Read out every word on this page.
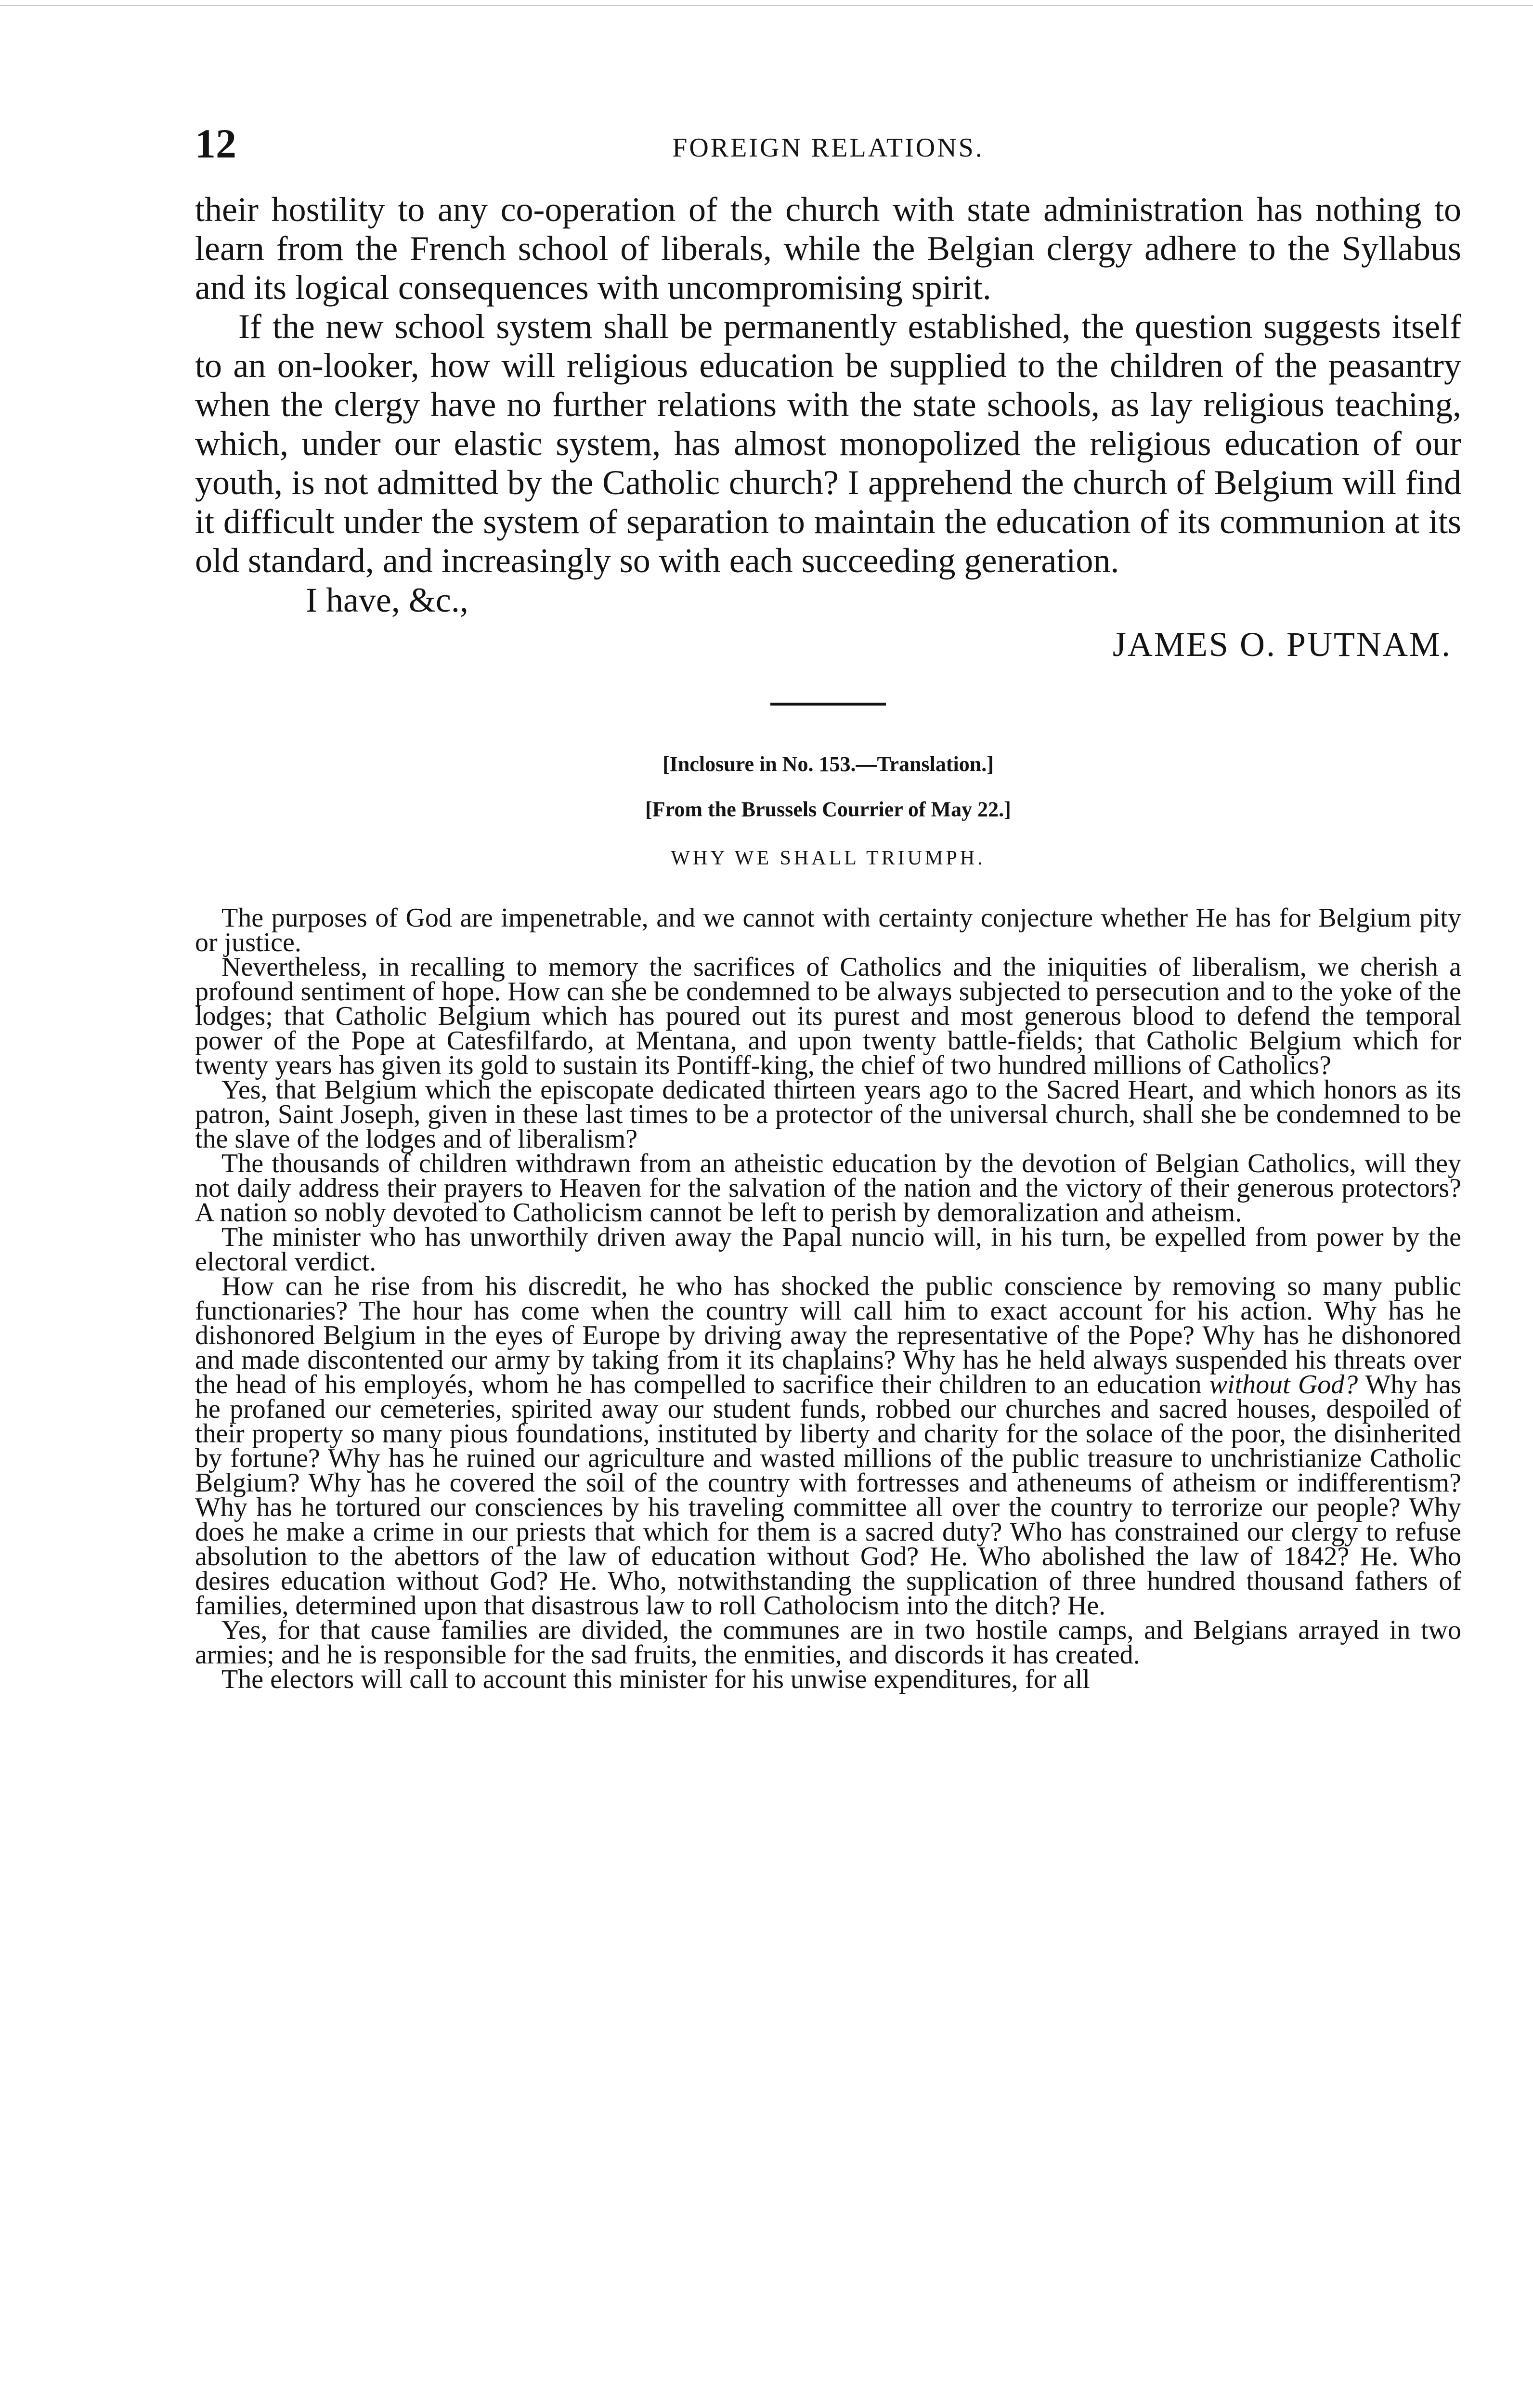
12	FOREIGN RELATIONS.

their hostility to any co-operation of the church with state administration has nothing to learn from the French school of liberals, while the Belgian clergy adhere to the Syllabus and its logical consequences with uncompromising spirit.

If the new school system shall be permanently established, the question suggests itself to an on-looker, how will religious education be supplied to the children of the peasantry when the clergy have no further relations with the state schools, as lay religious teaching, which, under our elastic system, has almost monopolized the religious education of our youth, is not admitted by the Catholic church? I apprehend the church of Belgium will find it difficult under the system of separation to maintain the education of its communion at its old standard, and increasingly so with each succeeding generation.

I have, &c.,
JAMES O. PUTNAM.
[Inclosure in No. 153.—Translation.]
[From the Brussels Courrier of May 22.]
WHY WE SHALL TRIUMPH.

The purposes of God are impenetrable, and we cannot with certainty conjecture whether He has for Belgium pity or justice.

Nevertheless, in recalling to memory the sacrifices of Catholics and the iniquities of liberalism, we cherish a profound sentiment of hope. How can she be condemned to be always subjected to persecution and to the yoke of the lodges; that Catholic Belgium which has poured out its purest and most generous blood to defend the temporal power of the Pope at Catesfilfardo, at Mentana, and upon twenty battle-fields; that Catholic Belgium which for twenty years has given its gold to sustain its Pontiff-king, the chief of two hundred millions of Catholics?

Yes, that Belgium which the episcopate dedicated thirteen years ago to the Sacred Heart, and which honors as its patron, Saint Joseph, given in these last times to be a protector of the universal church, shall she be condemned to be the slave of the lodges and of liberalism?

The thousands of children withdrawn from an atheistic education by the devotion of Belgian Catholics, will they not daily address their prayers to Heaven for the salvation of the nation and the victory of their generous protectors? A nation so nobly devoted to Catholicism cannot be left to perish by demoralization and atheism.

The minister who has unworthily driven away the Papal nuncio will, in his turn, be expelled from power by the electoral verdict.

How can he rise from his discredit, he who has shocked the public conscience by removing so many public functionaries? The hour has come when the country will call him to exact account for his action. Why has he dishonored Belgium in the eyes of Europe by driving away the representative of the Pope? Why has he dishonored and made discontented our army by taking from it its chaplains? Why has he held always suspended his threats over the head of his employés, whom he has compelled to sacrifice their children to an education without God? Why has he profaned our cemeteries, spirited away our student funds, robbed our churches and sacred houses, despoiled of their property so many pious foundations, instituted by liberty and charity for the solace of the poor, the disinherited by fortune? Why has he ruined our agriculture and wasted millions of the public treasure to unchristianize Catholic Belgium? Why has he covered the soil of the country with fortresses and atheneums of atheism or indifferentism? Why has he tortured our consciences by his traveling committee all over the country to terrorize our people? Why does he make a crime in our priests that which for them is a sacred duty? Who has constrained our clergy to refuse absolution to the abettors of the law of education without God? He. Who abolished the law of 1842? He. Who desires education without God? He. Who, notwithstanding the supplication of three hundred thousand fathers of families, determined upon that disastrous law to roll Catholocism into the ditch? He.

Yes, for that cause families are divided, the communes are in two hostile camps, and Belgians arrayed in two armies; and he is responsible for the sad fruits, the enmities, and discords it has created.

The electors will call to account this minister for his unwise expenditures, for all
